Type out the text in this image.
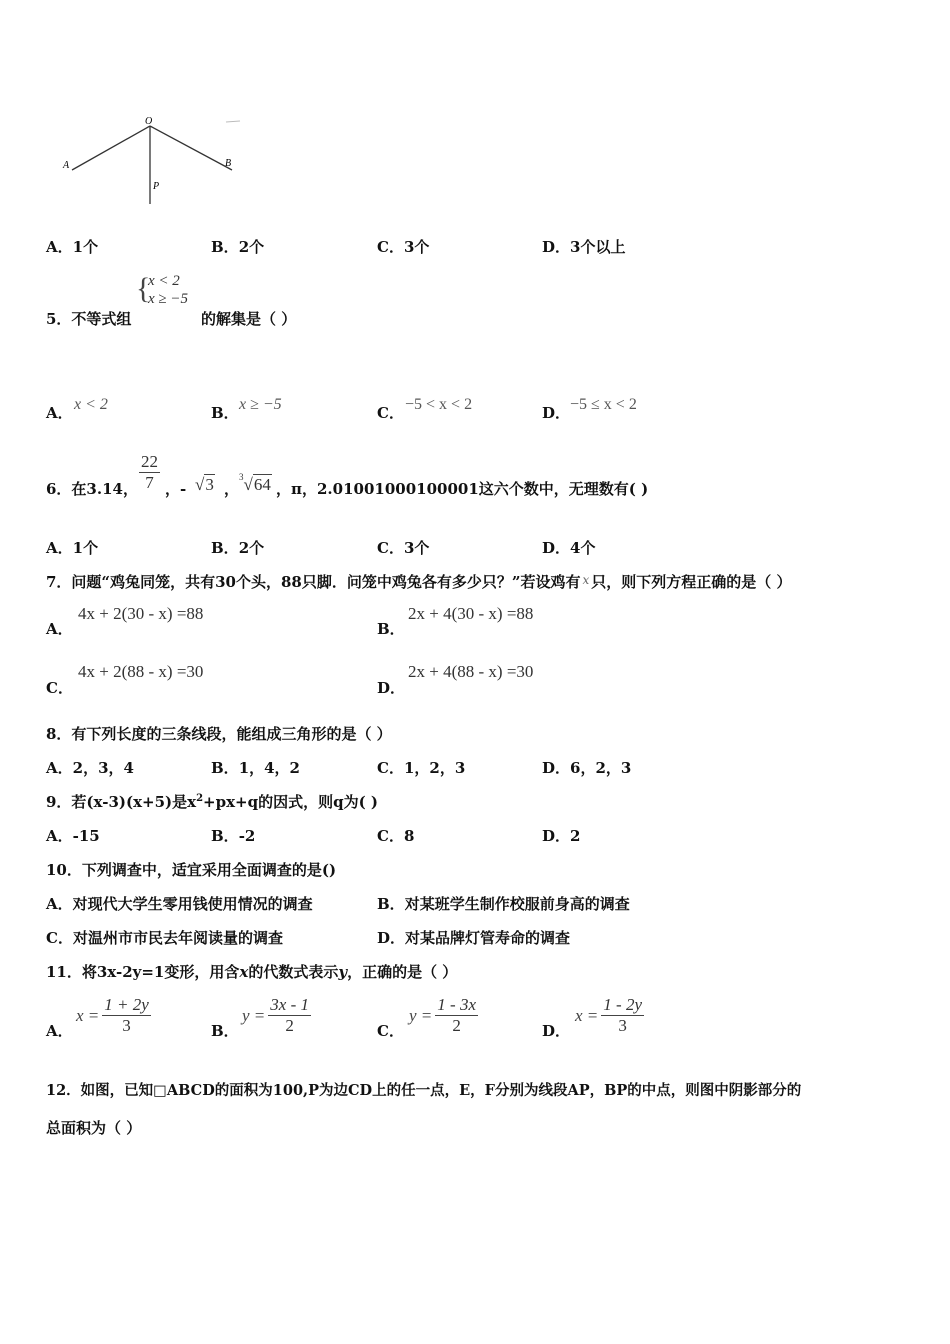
O
A	B
P
A．1个	B．2个	C．3个	D．3个以上
5．不等式组
{
x < 2
x ≥ −5
的解集是（ ）
A． x < 2	B． x ≥ −5	C． −5 < x < 2	D． −5 ≤ x < 2
6．在3.14， $\frac{22}{7}$ ，- √3 ，
$^3$√64 ，π，2.01001000100001这六个数中，无理数有( )
A．1个	B．2个	C．3个	D．4个
7．问题“鸡兔同笼，共有30个头，88只脚．问笼中鸡兔各有多少只？”若设鸡有 $^x$ 只，则下列方程正确的是（ ）
A．
4x + 2(30 - x) =88
B．
2x + 4(30 - x) =88
C．
4x + 2(88 - x) =30
D．
2x + 4(88 - x) =30
8．有下列长度的三条线段，能组成三角形的是（ ）
A．2，3，4	B．1，4，2	C．1，2，3	D．6，2，3
9．若(x-3)(x+5)是$x^2+px+q$的因式，则q为( )
A．-15	B．-2	C．8	D．2
10．下列调查中，适宜采用全面调查的是()
A．对现代大学生零用钱使用情况的调查	B．对某班学生制作校服前身高的调查
C．对温州市市民去年阅读量的调查	D．对某品牌灯管寿命的调查
11．将3x-2y=1变形，用含x的代数式表示y，正确的是（ ）
A．
$x = \frac{1 + 2y}{3}$	B．
$y = \frac{3x - 1}{2}$	C．
$y = \frac{1 - 3x}{2}$	D．
$x = \frac{1 - 2y}{3}$
12．如图，已知□ABCD的面积为100,P为边CD上的任一点，E，F分别为线段AP，BP的中点，则图中阴影部分的
总面积为（ ）
